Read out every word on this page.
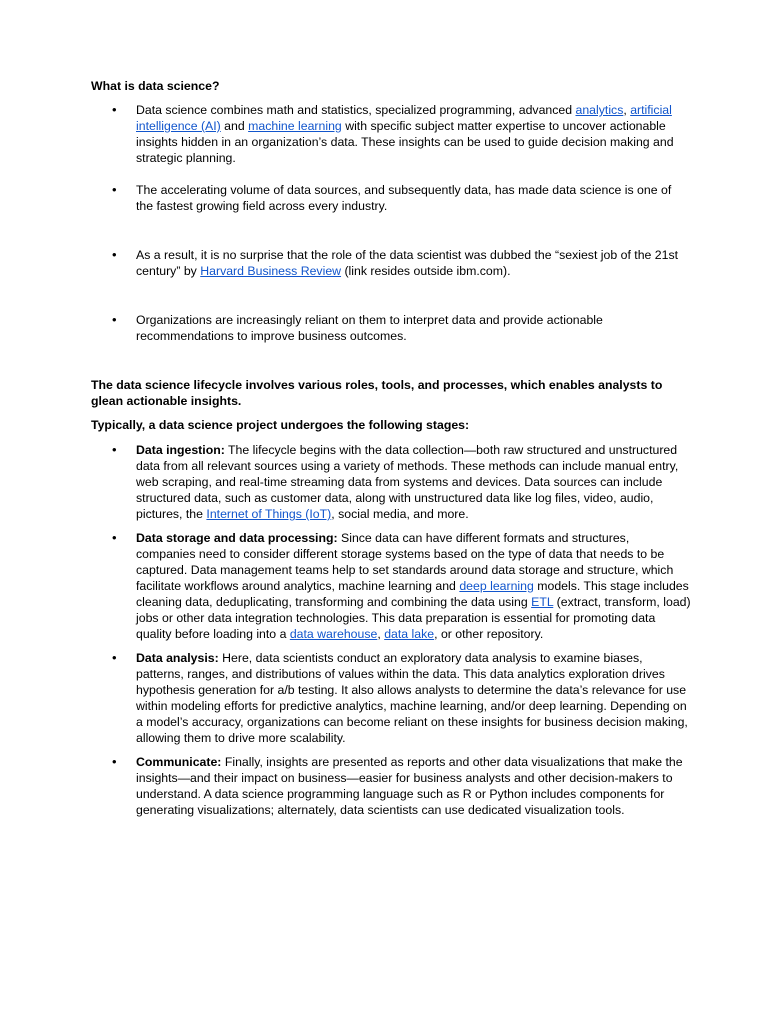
What is data science?
• Data science combines math and statistics, specialized programming, advanced analytics, artificial intelligence (AI) and machine learning with specific subject matter expertise to uncover actionable insights hidden in an organization’s data. These insights can be used to guide decision making and strategic planning.
• The accelerating volume of data sources, and subsequently data, has made data science is one of the fastest growing field across every industry.
• As a result, it is no surprise that the role of the data scientist was dubbed the “sexiest job of the 21st century” by Harvard Business Review (link resides outside ibm.com).
• Organizations are increasingly reliant on them to interpret data and provide actionable recommendations to improve business outcomes.
The data science lifecycle involves various roles, tools, and processes, which enables analysts to glean actionable insights.
Typically, a data science project undergoes the following stages:
• Data ingestion: The lifecycle begins with the data collection—both raw structured and unstructured data from all relevant sources using a variety of methods. These methods can include manual entry, web scraping, and real-time streaming data from systems and devices. Data sources can include structured data, such as customer data, along with unstructured data like log files, video, audio, pictures, the Internet of Things (IoT), social media, and more.
• Data storage and data processing: Since data can have different formats and structures, companies need to consider different storage systems based on the type of data that needs to be captured. Data management teams help to set standards around data storage and structure, which facilitate workflows around analytics, machine learning and deep learning models. This stage includes cleaning data, deduplicating, transforming and combining the data using ETL (extract, transform, load) jobs or other data integration technologies. This data preparation is essential for promoting data quality before loading into a data warehouse, data lake, or other repository.
• Data analysis: Here, data scientists conduct an exploratory data analysis to examine biases, patterns, ranges, and distributions of values within the data. This data analytics exploration drives hypothesis generation for a/b testing. It also allows analysts to determine the data’s relevance for use within modeling efforts for predictive analytics, machine learning, and/or deep learning. Depending on a model’s accuracy, organizations can become reliant on these insights for business decision making, allowing them to drive more scalability.
• Communicate: Finally, insights are presented as reports and other data visualizations that make the insights—and their impact on business—easier for business analysts and other decision-makers to understand. A data science programming language such as R or Python includes components for generating visualizations; alternately, data scientists can use dedicated visualization tools.
